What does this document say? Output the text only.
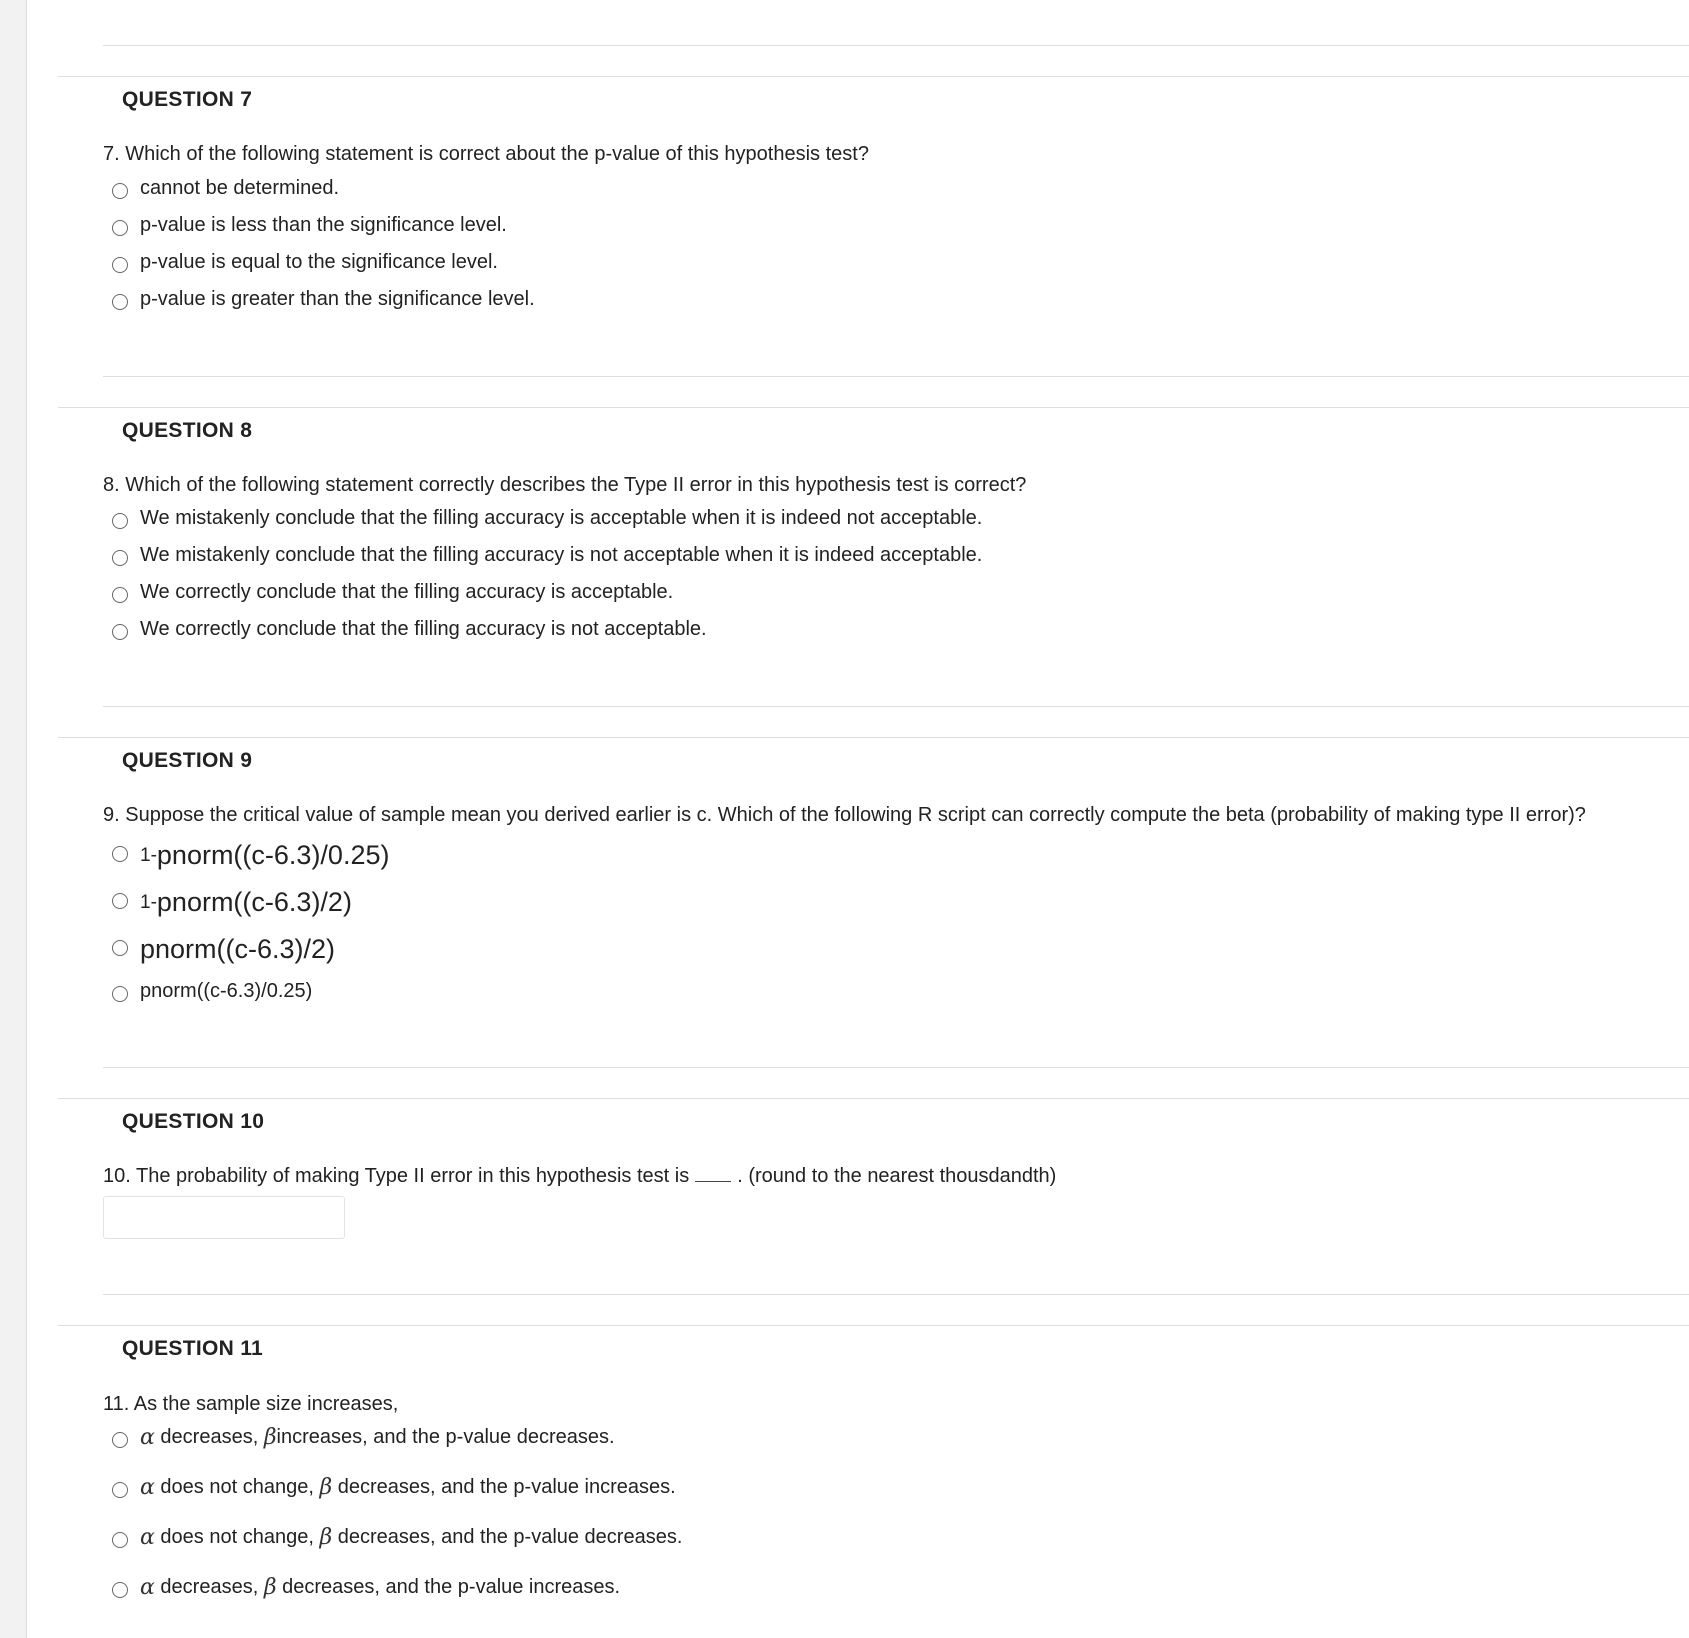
QUESTION 7
7. Which of the following statement is correct about the p-value of this hypothesis test?
cannot be determined.
p-value is less than the significance level.
p-value is equal to the significance level.
p-value is greater than the significance level.
QUESTION 8
8. Which of the following statement correctly describes the Type II error in this hypothesis test is correct?
We mistakenly conclude that the filling accuracy is acceptable when it is indeed not acceptable.
We mistakenly conclude that the filling accuracy is not acceptable when it is indeed acceptable.
We correctly conclude that the filling accuracy is acceptable.
We correctly conclude that the filling accuracy is not acceptable.
QUESTION 9
9. Suppose the critical value of sample mean you derived earlier is c. Which of the following R script can correctly compute the beta (probability of making type II error)?
1- pnorm((c-6.3)/0.25)
1- pnorm((c-6.3)/2)
pnorm((c-6.3)/2)
pnorm((c-6.3)/0.25)
QUESTION 10
10. The probability of making Type II error in this hypothesis test is . (round to the nearest thousdandth)
QUESTION 11
11. As the sample size increases,
α
decreases,
β increases, and the p-value decreases.
α
does not change,
β
decreases, and the p-value increases.
α
does not change,
β
decreases, and the p-value decreases.
α
decreases,
β
decreases, and the p-value increases.
